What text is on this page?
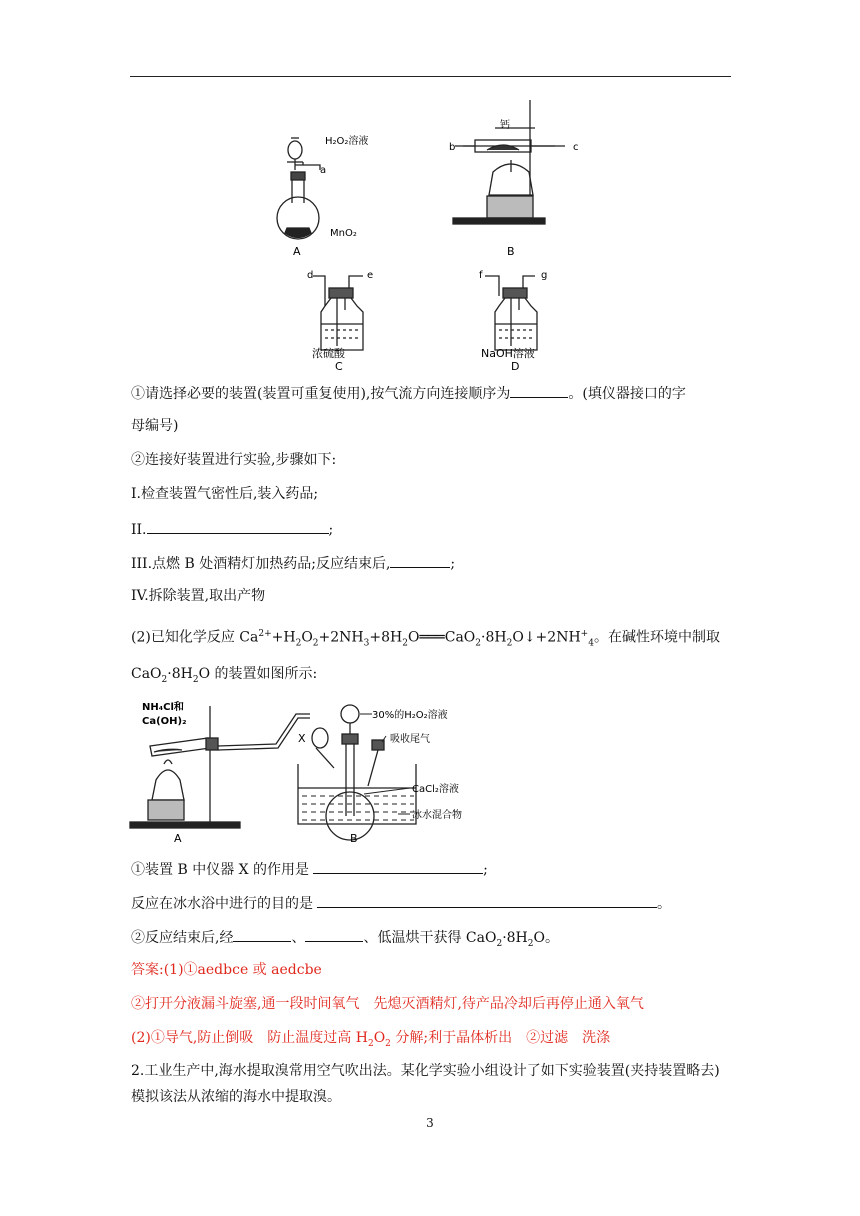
H₂O₂溶液
a
MnO₂
A
钙
b	c
B
d	e
浓硫酸
C
f	g
NaOH溶液
D
①请选择必要的装置(装置可重复使用),按气流方向连接顺序为	。(填仪器接口的字
母编号)
②连接好装置进行实验,步骤如下:
I.检查装置气密性后,装入药品;
II.	;
III.点燃 B 处酒精灯加热药品;反应结束后,	;
IV.拆除装置,取出产物
(2)已知化学反应 $Ca^{2+}+H_2O_2+2NH_3+8H_2O═══CaO_2\cdot 8H_2O↓+2NH^+_4$。在碱性环境中制取
$CaO_2\cdot 8H_2O$ 的装置如图所示:
NH₄Cl和
Ca(OH)₂
A
X
30%的H₂O₂溶液
吸收尾气
CaCl₂溶液
冰水混合物
B
①装置 B 中仪器 X 的作用是	;
反应在冰水浴中进行的目的是	。
②反应结束后,经	、	、低温烘干获得 $CaO_2\cdot 8H_2O$。
答案:(1)①aedbce 或 aedcbe
②打开分液漏斗旋塞,通一段时间氧气　先熄灭酒精灯,待产品冷却后再停止通入氧气
(2)①导气,防止倒吸　防止温度过高 $H_2O_2$ 分解;利于晶体析出　②过滤　洗涤
2.工业生产中,海水提取溴常用空气吹出法。某化学实验小组设计了如下实验装置(夹持装置略去)模拟该法从浓缩的海水中提取溴。
3
